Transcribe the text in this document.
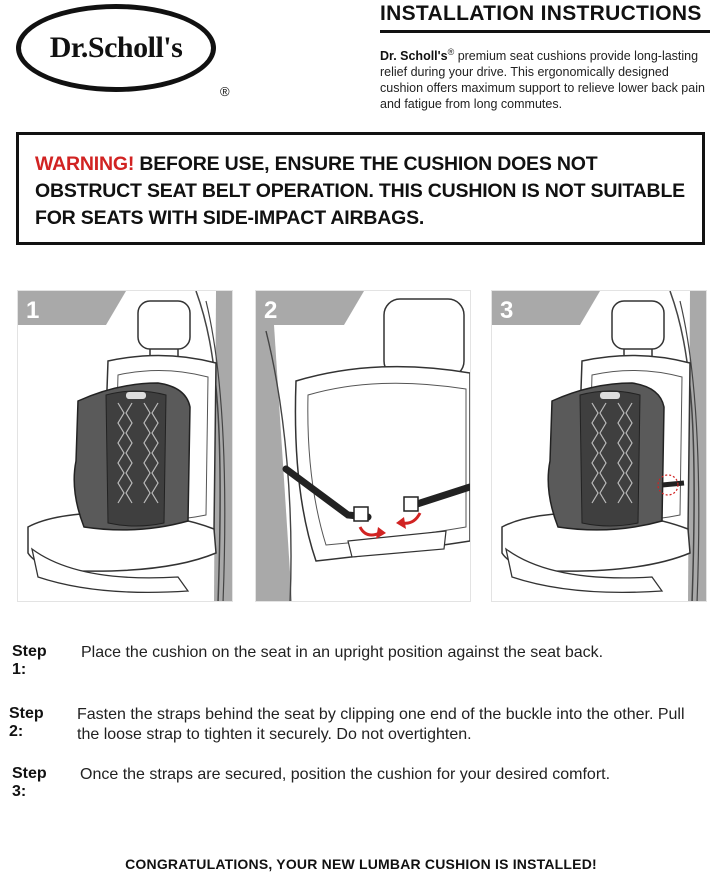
Dr.Scholl's
®
INSTALLATION INSTRUCTIONS
Dr. Scholl's® premium seat cushions provide long-lasting relief during your drive. This ergonomically designed cushion offers maximum support to relieve lower back pain and fatigue from long commutes.
WARNING! BEFORE USE, ENSURE THE CUSHION DOES NOT OBSTRUCT SEAT BELT OPERATION. THIS CUSHION IS NOT SUITABLE FOR SEATS WITH SIDE-IMPACT AIRBAGS.
1	2	3
Step 1:
Place the cushion on the seat in an upright position against the seat back.
Step 2:
Fasten the straps behind the seat by clipping one end of the buckle into the other. Pull the loose strap to tighten it securely. Do not overtighten.
Step 3:
Once the straps are secured, position the cushion for your desired comfort.
CONGRATULATIONS, YOUR NEW LUMBAR CUSHION IS INSTALLED!
